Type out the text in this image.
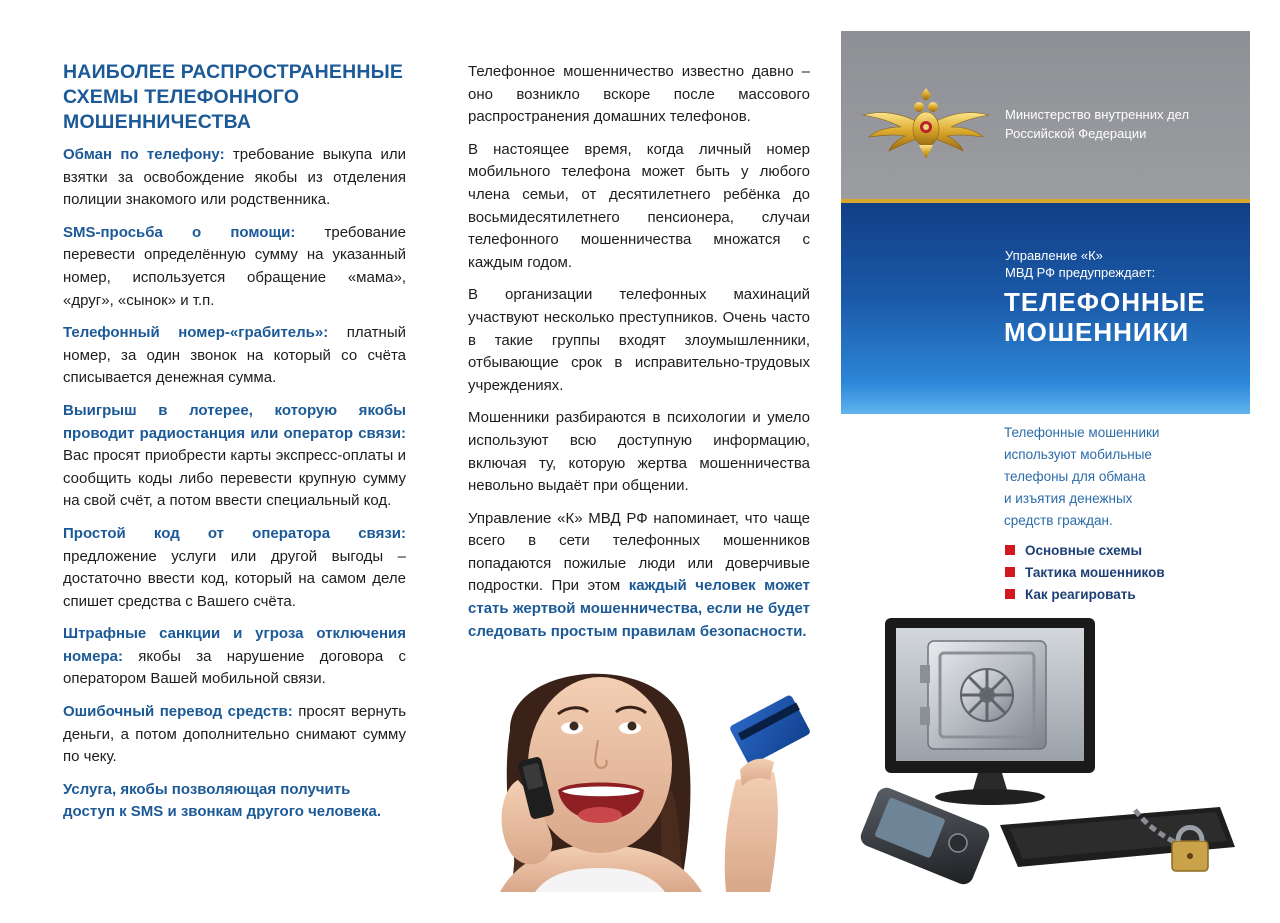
НАИБОЛЕЕ РАСПРОСТРАНЕННЫЕ СХЕМЫ ТЕЛЕФОННОГО МОШЕННИЧЕСТВА

Обман по телефону: требование выкупа или взятки за освобождение якобы из отделения полиции знакомого или родственника.

SMS-просьба о помощи: требование перевести определённую сумму на указанный номер, используется обращение «мама», «друг», «сынок» и т.п.

Телефонный номер-«грабитель»: платный номер, за один звонок на который со счёта списывается денежная сумма.

Выигрыш в лотерее, которую якобы проводит радиостанция или оператор связи: Вас просят приобрести карты экспресс-оплаты и сообщить коды либо перевести крупную сумму на свой счёт, а потом ввести специальный код.

Простой код от оператора связи: предложение услуги или другой выгоды – достаточно ввести код, который на самом деле спишет средства с Вашего счёта.

Штрафные санкции и угроза отключения номера: якобы за нарушение договора с оператором Вашей мобильной связи.

Ошибочный перевод средств: просят вернуть деньги, а потом дополнительно снимают сумму по чеку.

Услуга, якобы позволяющая получить доступ к SMS и звонкам другого человека.

Телефонное мошенничество известно давно – оно возникло вскоре после массового распространения домашних телефонов.

В настоящее время, когда личный номер мобильного телефона может быть у любого члена семьи, от десятилетнего ребёнка до восьмидесятилетнего пенсионера, случаи телефонного мошенничества множатся с каждым годом.

В организации телефонных махинаций участвуют несколько преступников. Очень часто в такие группы входят злоумышленники, отбывающие срок в исправительно-трудовых учреждениях.

Мошенники разбираются в психологии и умело используют всю доступную информацию, включая ту, которую жертва мошенничества невольно выдаёт при общении.

Управление «К» МВД РФ напоминает, что чаще всего в сети телефонных мошенников попадаются пожилые люди или доверчивые подростки. При этом каждый человек может стать жертвой мошенничества, если не будет следовать простым правилам безопасности.

Министерство внутренних дел
Российской Федерации
Управление «К»
МВД РФ предупреждает:
ТЕЛЕФОННЫЕ
МОШЕННИКИ
Телефонные мошенники
используют мобильные
телефоны для обмана
и изъятия денежных
средств граждан.
Основные схемы
Тактика мошенников
Как реагировать
